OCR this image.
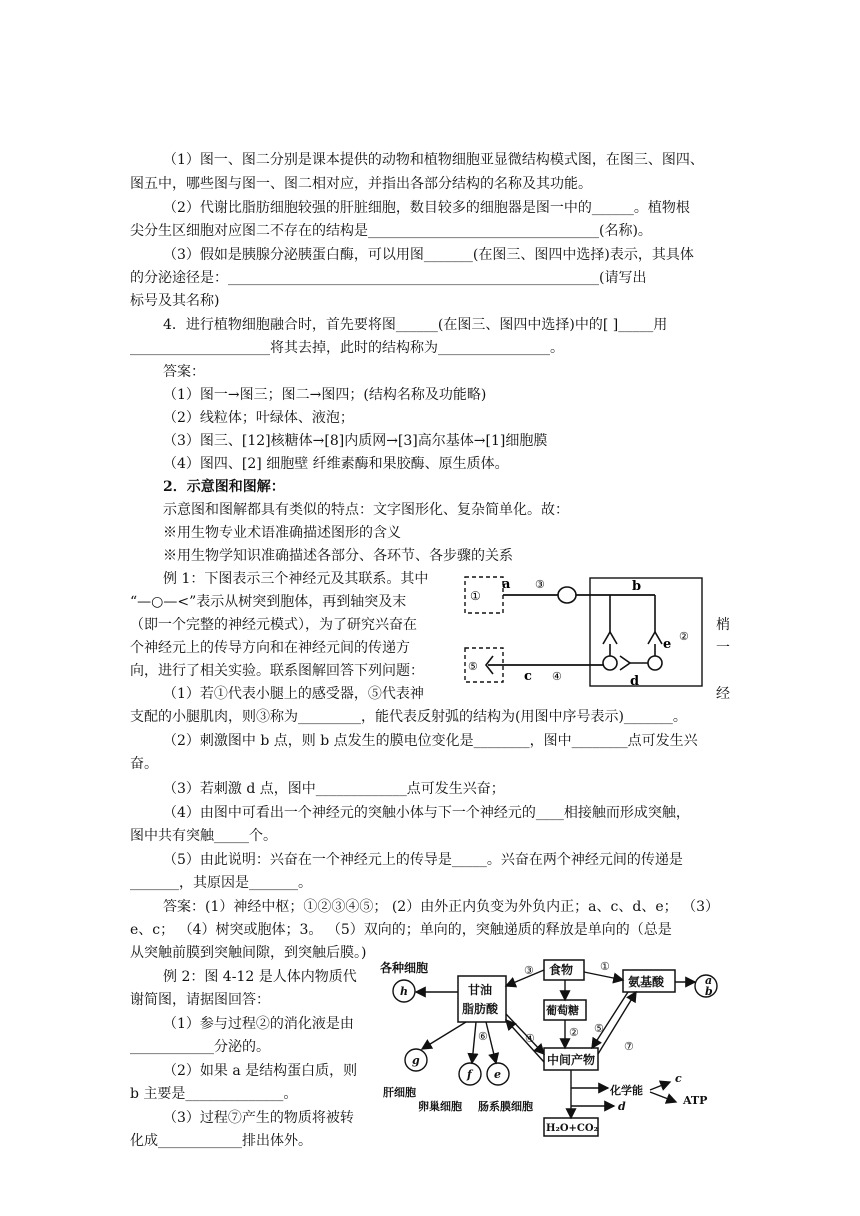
（1）图一、图二分别是课本提供的动物和植物细胞亚显微结构模式图，在图三、图四、
图五中，哪些图与图一、图二相对应，并指出各部分结构的名称及其功能。
（2）代谢比脂肪细胞较强的肝脏细胞，数目较多的细胞器是图一中的______。植物根
尖分生区细胞对应图二不存在的结构是_________________________________(名称)。
（3）假如是胰腺分泌胰蛋白酶，可以用图_______(在图三、图四中选择)表示，其具体
的分泌途径是：_____________________________________________________(请写出
标号及其名称)
4．进行植物细胞融合时，首先要将图______(在图三、图四中选择)中的[ ]_____用
____________________将其去掉，此时的结构称为________________。
答案：
（1）图一→图三；图二→图四；(结构名称及功能略)
（2）线粒体；叶绿体、液泡；
（3）图三、[12]核糖体→[8]内质网→[3]高尔基体→[1]细胞膜
（4）图四、[2] 细胞壁 纤维素酶和果胶酶、原生质体。
2．示意图和图解：
示意图和图解都具有类似的特点：文字图形化、复杂简单化。故：
※用生物专业术语准确描述图形的含义
※用生物学知识准确描述各部分、各环节、各步骤的关系
例 1：下图表示三个神经元及其联系。其中
“—○—<”表示从树突到胞体，再到轴突及末
（即一个完整的神经元模式），为了研究兴奋在
个神经元上的传导方向和在神经元间的传递方
向，进行了相关实验。联系图解回答下列问题：
（1）若①代表小腿上的感受器，⑤代表神
梢
一
经
①
a ③	b
e
d
②
⑤
c ④
支配的小腿肌肉，则③称为_________，能代表反射弧的结构为(用图中序号表示)_______。
（2）刺激图中 b 点，则 b 点发生的膜电位变化是________，图中________点可发生兴
奋。
（3）若刺激 d 点，图中_____________点可发生兴奋；
（4）由图中可看出一个神经元的突触小体与下一个神经元的____相接触而形成突触，
图中共有突触_____个。
（5）由此说明：兴奋在一个神经元上的传导是_____。兴奋在两个神经元间的传递是
_______，其原因是_______。
答案：(1）神经中枢；①②③④⑤； (2）由外正内负变为外负内正；a、c、d、e； （3）
e、c； （4）树突或胞体；3。 （5）双向的；单向的，突触递质的释放是单向的（总是
从突触前膜到突触间隙，到突触后膜。)
例 2：图 4-12 是人体内物质代
谢简图，请据图回答：
（1）参与过程②的消化液是由
____________分泌的。
（2）如果 a 是结构蛋白质，则
b 主要是______________。
（3）过程⑦产生的物质将被转
化成____________排出体外。
各种细胞	食物
氨基酸
甘油
脂肪酸	葡萄糖
中间产物
化学能
ATP
H₂O+CO₂
肝细胞
卵巢细胞 肠系膜细胞
h
g
f e
a
b
c
d
③	①
②
④
⑤
⑥
⑦
